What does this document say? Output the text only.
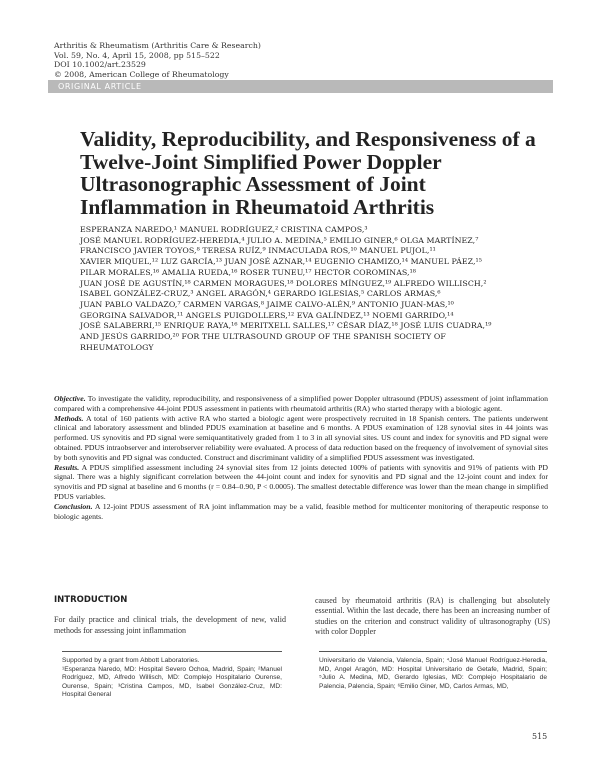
Arthritis & Rheumatism (Arthritis Care & Research)
Vol. 59, No. 4, April 15, 2008, pp 515–522
DOI 10.1002/art.23529
© 2008, American College of Rheumatology
ORIGINAL ARTICLE
Validity, Reproducibility, and Responsiveness of a Twelve-Joint Simplified Power Doppler Ultrasonographic Assessment of Joint Inflammation in Rheumatoid Arthritis
ESPERANZA NAREDO,¹ MANUEL RODRÍGUEZ,² CRISTINA CAMPOS,³
JOSÉ MANUEL RODRÍGUEZ-HEREDIA,⁴ JULIO A. MEDINA,⁵ EMILIO GINER,⁶ OLGA MARTÍNEZ,⁷
FRANCISCO JAVIER TOYOS,⁸ TERESA RUÍZ,⁹ INMACULADA ROS,¹⁰ MANUEL PUJOL,¹¹
XAVIER MIQUEL,¹² LUZ GARCÍA,¹³ JUAN JOSÉ AZNAR,¹⁴ EUGENIO CHAMIZO,¹⁴ MANUEL PÁEZ,¹⁵
PILAR MORALES,¹⁶ AMALIA RUEDA,¹⁶ ROSER TUNEU,¹⁷ HECTOR COROMINAS,¹⁸
JUAN JOSÉ DE AGUSTÍN,¹⁸ CARMEN MORAGUES,¹⁸ DOLORES MÍNGUEZ,¹⁹ ALFREDO WILLISCH,²
ISABEL GONZÁLEZ-CRUZ,³ ANGEL ARAGÓN,⁴ GERARDO IGLESIAS,⁵ CARLOS ARMAS,⁶
JUAN PABLO VALDAZO,⁷ CARMEN VARGAS,⁸ JAIME CALVO-ALÉN,⁹ ANTONIO JUAN-MAS,¹⁰
GEORGINA SALVADOR,¹¹ ANGELS PUIGDOLLERS,¹² EVA GALÍNDEZ,¹³ NOEMI GARRIDO,¹⁴
JOSÉ SALABERRI,¹⁵ ENRIQUE RAYA,¹⁶ MERITXELL SALLES,¹⁷ CÉSAR DÍAZ,¹⁸ JOSÉ LUIS CUADRA,¹⁹
AND JESÚS GARRIDO,²⁰ FOR THE ULTRASOUND GROUP OF THE SPANISH SOCIETY OF
RHEUMATOLOGY

Objective. To investigate the validity, reproducibility, and responsiveness of a simplified power Doppler ultrasound (PDUS) assessment of joint inflammation compared with a comprehensive 44-joint PDUS assessment in patients with rheumatoid arthritis (RA) who started therapy with a biologic agent.

Methods. A total of 160 patients with active RA who started a biologic agent were prospectively recruited in 18 Spanish centers. The patients underwent clinical and laboratory assessment and blinded PDUS examination at baseline and 6 months. A PDUS examination of 128 synovial sites in 44 joints was performed. US synovitis and PD signal were semiquantitatively graded from 1 to 3 in all synovial sites. US count and index for synovitis and PD signal were obtained. PDUS intraobserver and interobserver reliability were evaluated. A process of data reduction based on the frequency of involvement of synovial sites by both synovitis and PD signal was conducted. Construct and discriminant validity of a simplified PDUS assessment was investigated.

Results. A PDUS simplified assessment including 24 synovial sites from 12 joints detected 100% of patients with synovitis and 91% of patients with PD signal. There was a highly significant correlation between the 44-joint count and index for synovitis and PD signal and the 12-joint count and index for synovitis and PD signal at baseline and 6 months (r = 0.84–0.90, P < 0.0005). The smallest detectable difference was lower than the mean change in simplified PDUS variables.

Conclusion. A 12-joint PDUS assessment of RA joint inflammation may be a valid, feasible method for multicenter monitoring of therapeutic response to biologic agents.

INTRODUCTION
For daily practice and clinical trials, the development of new, valid methods for assessing joint inflammation
caused by rheumatoid arthritis (RA) is challenging but absolutely essential. Within the last decade, there has been an increasing number of studies on the criterion and construct validity of ultrasonography (US) with color Doppler

Supported by a grant from Abbott Laboratories.

¹Esperanza Naredo, MD: Hospital Severo Ochoa, Madrid, Spain; ²Manuel Rodríguez, MD, Alfredo Willisch, MD: Complejo Hospitalario Ourense, Ourense, Spain; ³Cristina Campos, MD, Isabel González-Cruz, MD: Hospital General

Universitario de Valencia, Valencia, Spain; ⁴José Manuel Rodríguez-Heredia, MD, Angel Aragón, MD: Hospital Universitario de Getafe, Madrid, Spain; ⁵Julio A. Medina, MD, Gerardo Iglesias, MD: Complejo Hospitalario de Palencia, Palencia, Spain; ⁶Emilio Giner, MD, Carlos Armas, MD,

515
